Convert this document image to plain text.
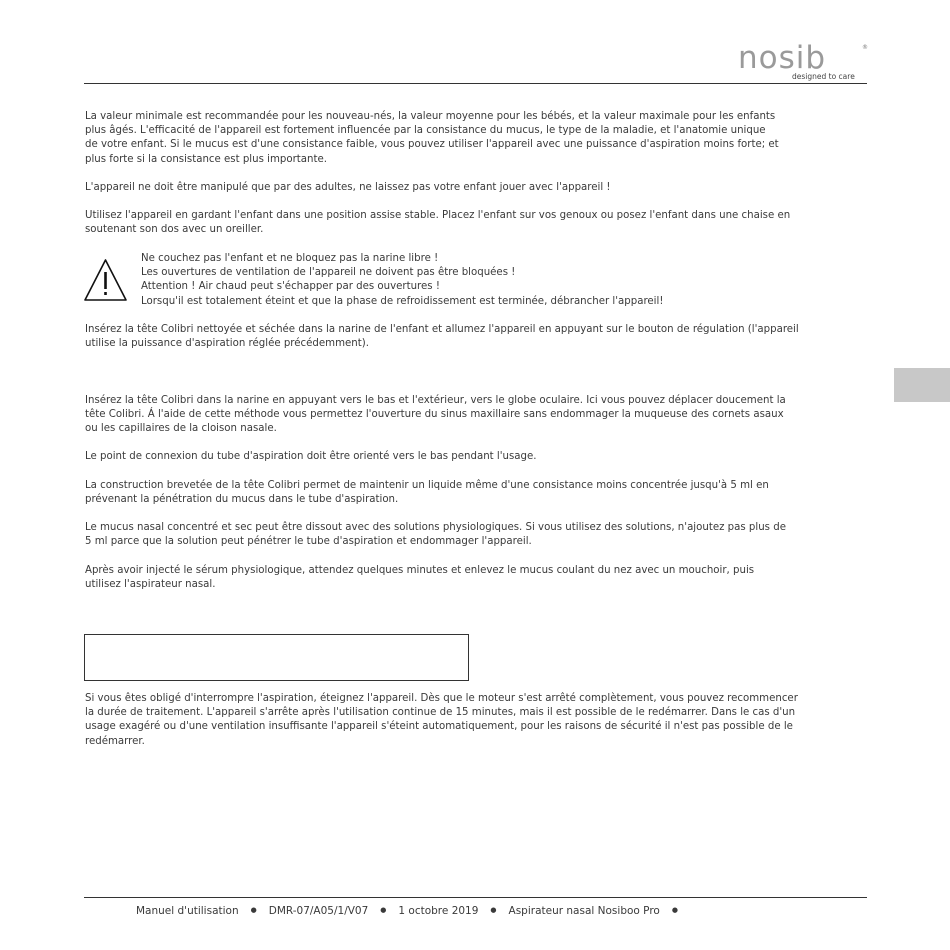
nosib	®
designed to care

La valeur minimale est recommandée pour les nouveau-nés, la valeur moyenne pour les bébés, et la valeur maximale pour les enfants
plus âgés. L'efficacité de l'appareil est fortement influencée par la consistance du mucus, le type de la maladie, et l'anatomie unique
de votre enfant. Si le mucus est d'une consistance faible, vous pouvez utiliser l'appareil avec une puissance d'aspiration moins forte; et
plus forte si la consistance est plus importante.

L'appareil ne doit être manipulé que par des adultes, ne laissez pas votre enfant jouer avec l'appareil !

Utilisez l'appareil en gardant l'enfant dans une position assise stable. Placez l'enfant sur vos genoux ou posez l'enfant dans une chaise en
soutenant son dos avec un oreiller.

Ne couchez pas l'enfant et ne bloquez pas la narine libre !
Les ouvertures de ventilation de l'appareil ne doivent pas être bloquées !
Attention ! Air chaud peut s'échapper par des ouvertures !
Lorsqu'il est totalement éteint et que la phase de refroidissement est terminée, débrancher l'appareil!

Insérez la tête Colibri nettoyée et séchée dans la narine de l'enfant et allumez l'appareil en appuyant sur le bouton de régulation (l'appareil
utilise la puissance d'aspiration réglée précédemment).

Insérez la tête Colibri dans la narine en appuyant vers le bas et l'extérieur, vers le globe oculaire. Ici vous pouvez déplacer doucement la
tête Colibri. Á l'aide de cette méthode vous permettez l'ouverture du sinus maxillaire sans endommager la muqueuse des cornets asaux
ou les capillaires de la cloison nasale.

Le point de connexion du tube d'aspiration doit être orienté vers le bas pendant l'usage.

La construction brevetée de la tête Colibri permet de maintenir un liquide même d'une consistance moins concentrée jusqu'à 5 ml en
prévenant la pénétration du mucus dans le tube d'aspiration.

Le mucus nasal concentré et sec peut être dissout avec des solutions physiologiques. Si vous utilisez des solutions, n'ajoutez pas plus de
5 ml parce que la solution peut pénétrer le tube d'aspiration et endommager l'appareil.

Après avoir injecté le sérum physiologique, attendez quelques minutes et enlevez le mucus coulant du nez avec un mouchoir, puis
utilisez l'aspirateur nasal.

Si vous êtes obligé d'interrompre l'aspiration, éteignez l'appareil. Dès que le moteur s'est arrêté complètement, vous pouvez recommencer
la durée de traitement. L'appareil s'arrête après l'utilisation continue de 15 minutes, mais il est possible de le redémarrer. Dans le cas d'un
usage exagéré ou d'une ventilation insuffisante l'appareil s'éteint automatiquement, pour les raisons de sécurité il n'est pas possible de le
redémarrer.

Manuel d'utilisation ● DMR-07/A05/1/V07 ● 1 octobre 2019 ● Aspirateur nasal Nosiboo Pro ●
